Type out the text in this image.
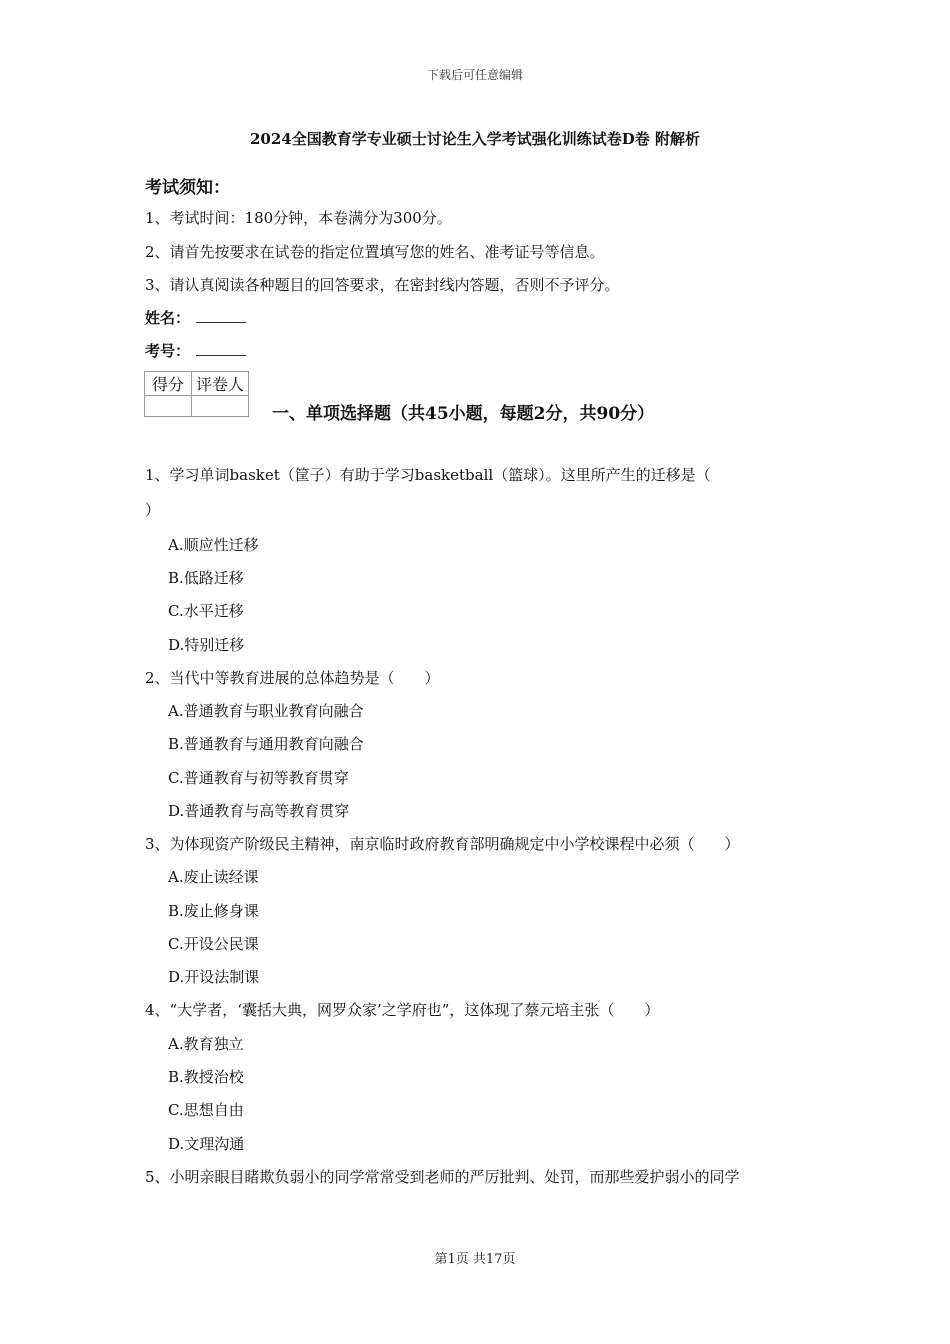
下载后可任意编辑
2024全国教育学专业硕士讨论生入学考试强化训练试卷D卷 附解析
考试须知：
1、考试时间：180分钟，本卷满分为300分。
2、请首先按要求在试卷的指定位置填写您的姓名、准考证号等信息。
3、请认真阅读各种题目的回答要求，在密封线内答题，否则不予评分。
姓名：
考号：
得分	评卷人

一、单项选择题（共45小题，每题2分，共90分）
1、学习单词basket（筐子）有助于学习basketball（篮球）。这里所产生的迁移是（
）
A.顺应性迁移
B.低路迁移
C.水平迁移
D.特别迁移
2、当代中等教育进展的总体趋势是（　　）
A.普通教育与职业教育向融合
B.普通教育与通用教育向融合
C.普通教育与初等教育贯穿
D.普通教育与高等教育贯穿
3、为体现资产阶级民主精神，南京临时政府教育部明确规定中小学校课程中必须（　　）
A.废止读经课
B.废止修身课
C.开设公民课
D.开设法制课
4、“大学者，‘囊括大典，网罗众家’之学府也”，这体现了蔡元培主张（　　）
A.教育独立
B.教授治校
C.思想自由
D.文理沟通
5、小明亲眼目睹欺负弱小的同学常常受到老师的严厉批判、处罚，而那些爱护弱小的同学
第1页 共17页
